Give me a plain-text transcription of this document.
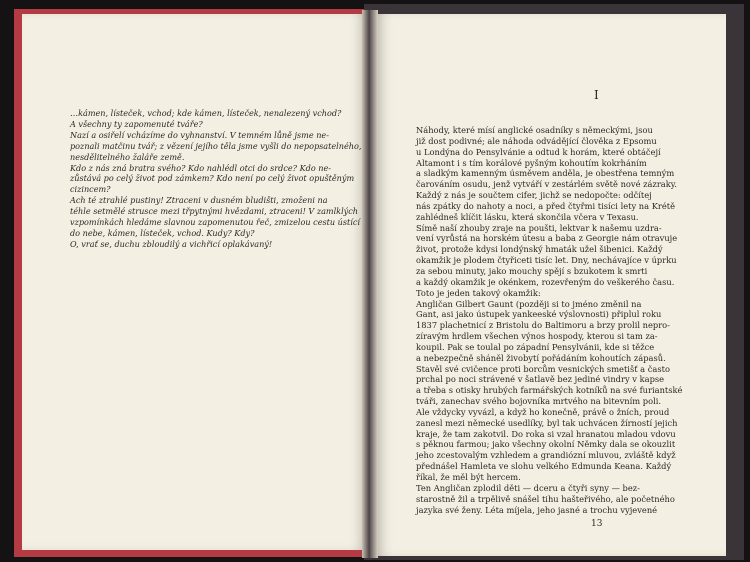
…kámen, lísteček, vchod; kde kámen, lísteček, nenalezený vchod?

A všechny ty zapomenuté tváře?

Nazí a osiřelí vcházíme do vyhnanství. V temném lůně jsme ne-

poznali matčinu tvář; z vězení jejího těla jsme vyšli do nepopsatelného,

nesdělitelného žaláře země.

Kdo z nás zná bratra svého? Kdo nahlédl otci do srdce? Kdo ne-

zůstává po celý život pod zámkem? Kdo není po celý život opuštěným

cizincem?

Ach té ztrahlé pustiny! Ztraceni v dusném bludišti, zmoženi na

téhle setmělé strusce mezi třpytnými hvězdami, ztraceni! V zamlklých

vzpomínkách hledáme slavnou zapomenutou řeč, zmizelou cestu ústící

do nebe, kámen, lísteček, vchod. Kudy? Kdy?

O, vrať se, duchu zbloudilý a vichřicí oplakávaný!

I

Náhody, které mísí anglické osadníky s německými, jsou

již dost podivné; ale náhoda odvádějící člověka z Epsomu

u Londýna do Pensylvánie a odtud k horám, které obtáčejí

Altamont i s tím korálové pyšným kohoutím kokrháním

a sladkým kamenným úsměvem anděla, je obestřena temným

čarováním osudu, jenž vytváří v zestárlém světě nové zázraky.

Každý z nás je součtem cifer, jichž se nedopočte: odčítej

nás zpátky do nahoty a noci, a před čtyřmi tisíci lety na Krétě

zahlédneš klíčit lásku, která skončila včera v Texasu.

Símě naší zhouby zraje na poušti, lektvar k našemu uzdra-

vení vyrůstá na horském útesu a baba z Georgie nám otravuje

život, protože kdysi londýnský hmaták užel šibenici. Každý

okamžik je plodem čtyřiceti tisíc let. Dny, nechávajíce v úprku

za sebou minuty, jako mouchy spějí s bzukotem k smrti

a každý okamžik je okénkem, rozevřeným do veškerého času.

Toto je jeden takový okamžik:

Angličan Gilbert Gaunt (později si to jméno změnil na

Gant, asi jako ústupek yankeeské výslovnosti) připlul roku

1837 plachetnicí z Bristolu do Baltimoru a brzy prolil nepro-

zíravým hrdlem všechen výnos hospody, kterou si tam za-

koupil. Pak se toulal po západní Pensylvánii, kde si těžce

a nebezpečně sháněl živobytí pořádáním kohoutích zápasů.

Stavěl své cvičence proti borcům vesnických smetišť a často

prchal po noci strávené v šatlavě bez jediné vindry v kapse

a třeba s otisky hrubých farmářských kotníků na své furiantské

tváři, zanechav svého bojovníka mrtvého na bitevním poli.

Ale vždycky vyvázl, a když ho konečně, právě o žních, proud

zanesl mezi německé usedlíky, byl tak uchvácen žírností jejich

kraje, že tam zakotvil. Do roka si vzal hranatou mladou vdovu

s pěknou farmou; jako všechny okolní Němky dala se okouzlit

jeho zcestovalým vzhledem a grandiózní mluvou, zvláště když

přednášel Hamleta ve slohu velkého Edmunda Keana. Každý

říkal, že měl být hercem.

Ten Angličan zplodil děti — dceru a čtyři syny — bez-

starostně žil a trpělivě snášel tihu hašteřivého, ale početného

jazyka své ženy. Léta míjela, jeho jasné a trochu vyjevené

13
